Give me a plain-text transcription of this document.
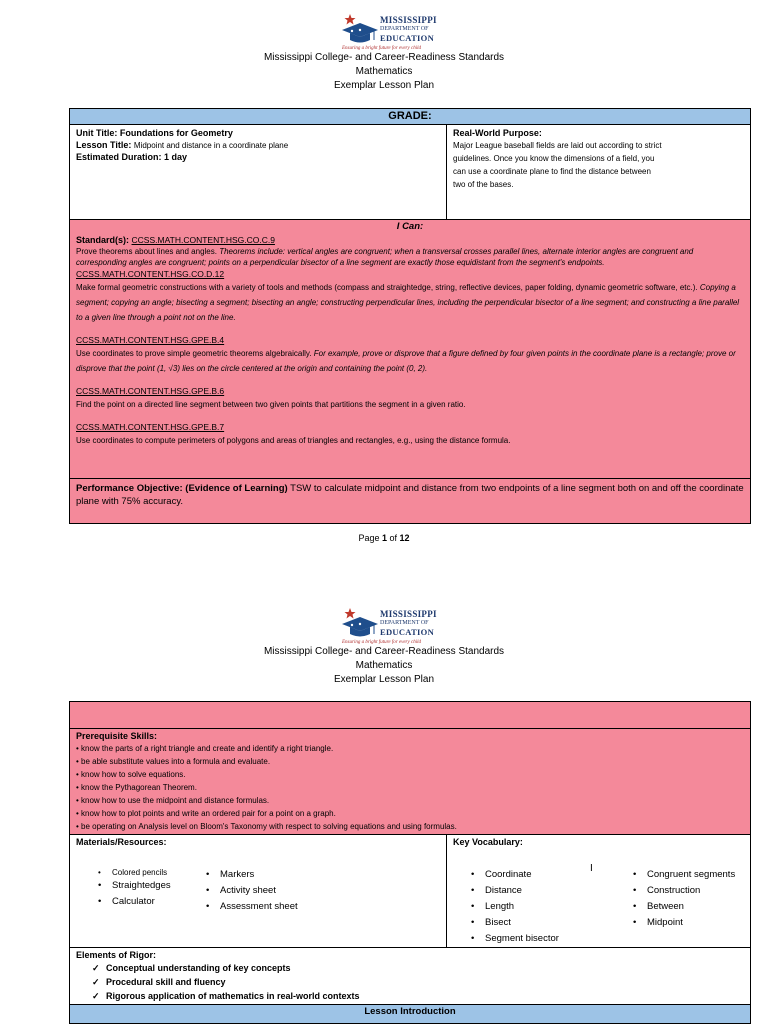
MISSISSIPPI
DEPARTMENT OF
EDUCATION
Ensuring a bright future for every child
Mississippi College- and Career-Readiness Standards
Mathematics
Exemplar Lesson Plan
GRADE:
Unit Title: Foundations for Geometry
Lesson Title: Midpoint and distance in a coordinate plane
Estimated Duration: 1 day
Real-World Purpose:
Major League baseball fields are laid out according to strict guidelines. Once you know the dimensions of a field, you can use a coordinate plane to find the distance between two of the bases.
I Can:
Standard(s): CCSS.MATH.CONTENT.HSG.CO.C.9
Prove theorems about lines and angles. Theorems include: vertical angles are congruent; when a transversal crosses parallel lines, alternate interior angles are congruent and corresponding angles are congruent; points on a perpendicular bisector of a line segment are exactly those equidistant from the segment's endpoints.
CCSS.MATH.CONTENT.HSG.CO.D.12
Make formal geometric constructions with a variety of tools and methods (compass and straightedge, string, reflective devices, paper folding, dynamic geometric software, etc.). Copying a segment; copying an angle; bisecting a segment; bisecting an angle; constructing perpendicular lines, including the perpendicular bisector of a line segment; and constructing a line parallel to a given line through a point not on the line.
CCSS.MATH.CONTENT.HSG.GPE.B.4
Use coordinates to prove simple geometric theorems algebraically. For example, prove or disprove that a figure defined by four given points in the coordinate plane is a rectangle; prove or disprove that the point (1, √3) lies on the circle centered at the origin and containing the point (0, 2).
CCSS.MATH.CONTENT.HSG.GPE.B.6
Find the point on a directed line segment between two given points that partitions the segment in a given ratio.
CCSS.MATH.CONTENT.HSG.GPE.B.7
Use coordinates to compute perimeters of polygons and areas of triangles and rectangles, e.g., using the distance formula.
Performance Objective: (Evidence of Learning) TSW to calculate midpoint and distance from two endpoints of a line segment both on and off the coordinate plane with 75% accuracy.
Page 1 of 12
MISSISSIPPI
DEPARTMENT OF
EDUCATION
Ensuring a bright future for every child
Mississippi College- and Career-Readiness Standards
Mathematics
Exemplar Lesson Plan
Prerequisite Skills:
• know the parts of a right triangle and create and identify a right triangle.
• be able substitute values into a formula and evaluate.
• know how to solve equations.
• know the Pythagorean Theorem.
• know how to use the midpoint and distance formulas.
• know how to plot points and write an ordered pair for a point on a graph.
• be operating on Analysis level on Bloom's Taxonomy with respect to solving equations and using formulas.
Materials/Resources:
• Colored pencils
• Straightedges
• Calculator
• Markers
• Activity sheet
• Assessment sheet
Key Vocabulary:
• Coordinate
• Distance
• Length
• Bisect
• Segment bisector
I
• Congruent segments
• Construction
• Between
• Midpoint
Elements of Rigor:
✓ Conceptual understanding of key concepts
✓ Procedural skill and fluency
✓ Rigorous application of mathematics in real-world contexts
Lesson Introduction
